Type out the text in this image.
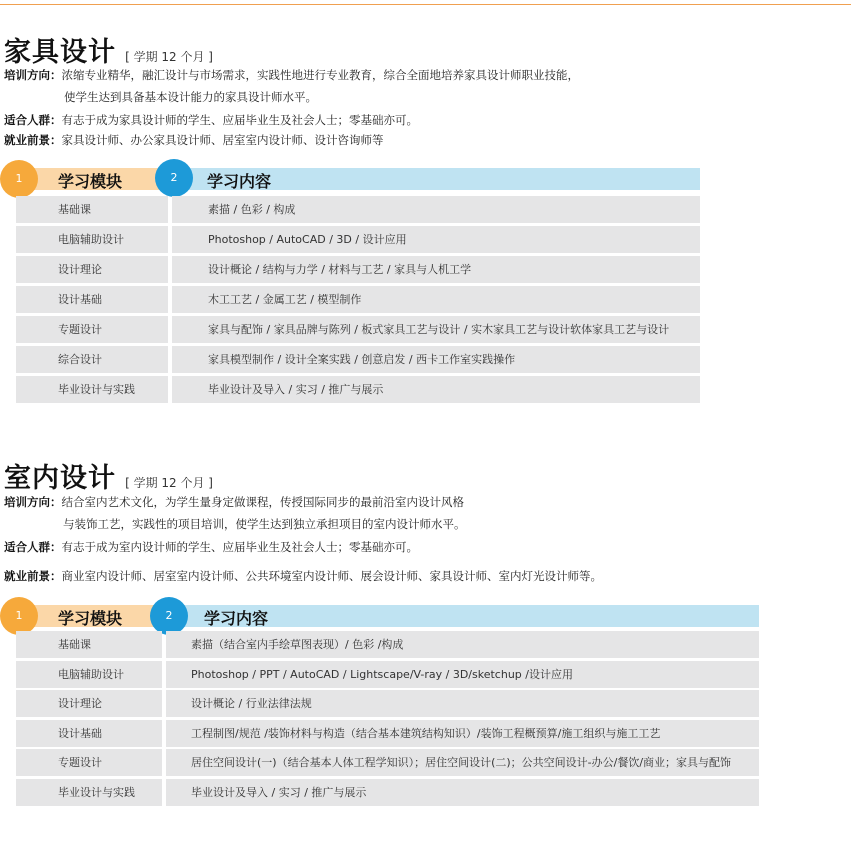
家具设计 [ 学期 12 个月 ]
培训方向：浓缩专业精华，融汇设计与市场需求，实践性地进行专业教育，综合全面地培养家具设计师职业技能，
使学生达到具备基本设计能力的家具设计师水平。
适合人群：有志于成为家具设计师的学生、应届毕业生及社会人士；零基础亦可。
就业前景：家具设计师、办公家具设计师、居室室内设计师、设计咨询师等
学习模块	学习内容
1	2
基础课	素描 / 色彩 / 构成
电脑辅助设计	Photoshop / AutoCAD / 3D / 设计应用
设计理论	设计概论 / 结构与力学 / 材料与工艺 / 家具与人机工学
设计基础	木工工艺 / 金属工艺 / 模型制作
专题设计	家具与配饰 / 家具品牌与陈列 / 板式家具工艺与设计 / 实木家具工艺与设计软体家具工艺与设计
综合设计	家具模型制作 / 设计全案实践 / 创意启发 / 西卡工作室实践操作
毕业设计与实践	毕业设计及导入 / 实习 / 推广与展示
室内设计 [ 学期 12 个月 ]
培训方向：结合室内艺术文化，为学生量身定做课程，传授国际同步的最前沿室内设计风格
与装饰工艺，实践性的项目培训，使学生达到独立承担项目的室内设计师水平。
适合人群：有志于成为室内设计师的学生、应届毕业生及社会人士；零基础亦可。
就业前景：商业室内设计师、居室室内设计师、公共环境室内设计师、展会设计师、家具设计师、室内灯光设计师等。
学习模块	学习内容
1	2
基础课	素描（结合室内手绘草图表现）/ 色彩 /构成
电脑辅助设计	Photoshop / PPT / AutoCAD / Lightscape/V-ray / 3D/sketchup /设计应用
设计理论	设计概论 / 行业法律法规
设计基础	工程制图/规范 /装饰材料与构造（结合基本建筑结构知识）/装饰工程概预算/施工组织与施工工艺
专题设计	居住空间设计(一)（结合基本人体工程学知识）；居住空间设计(二)；公共空间设计-办公/餐饮/商业；家具与配饰
毕业设计与实践	毕业设计及导入 / 实习 / 推广与展示
